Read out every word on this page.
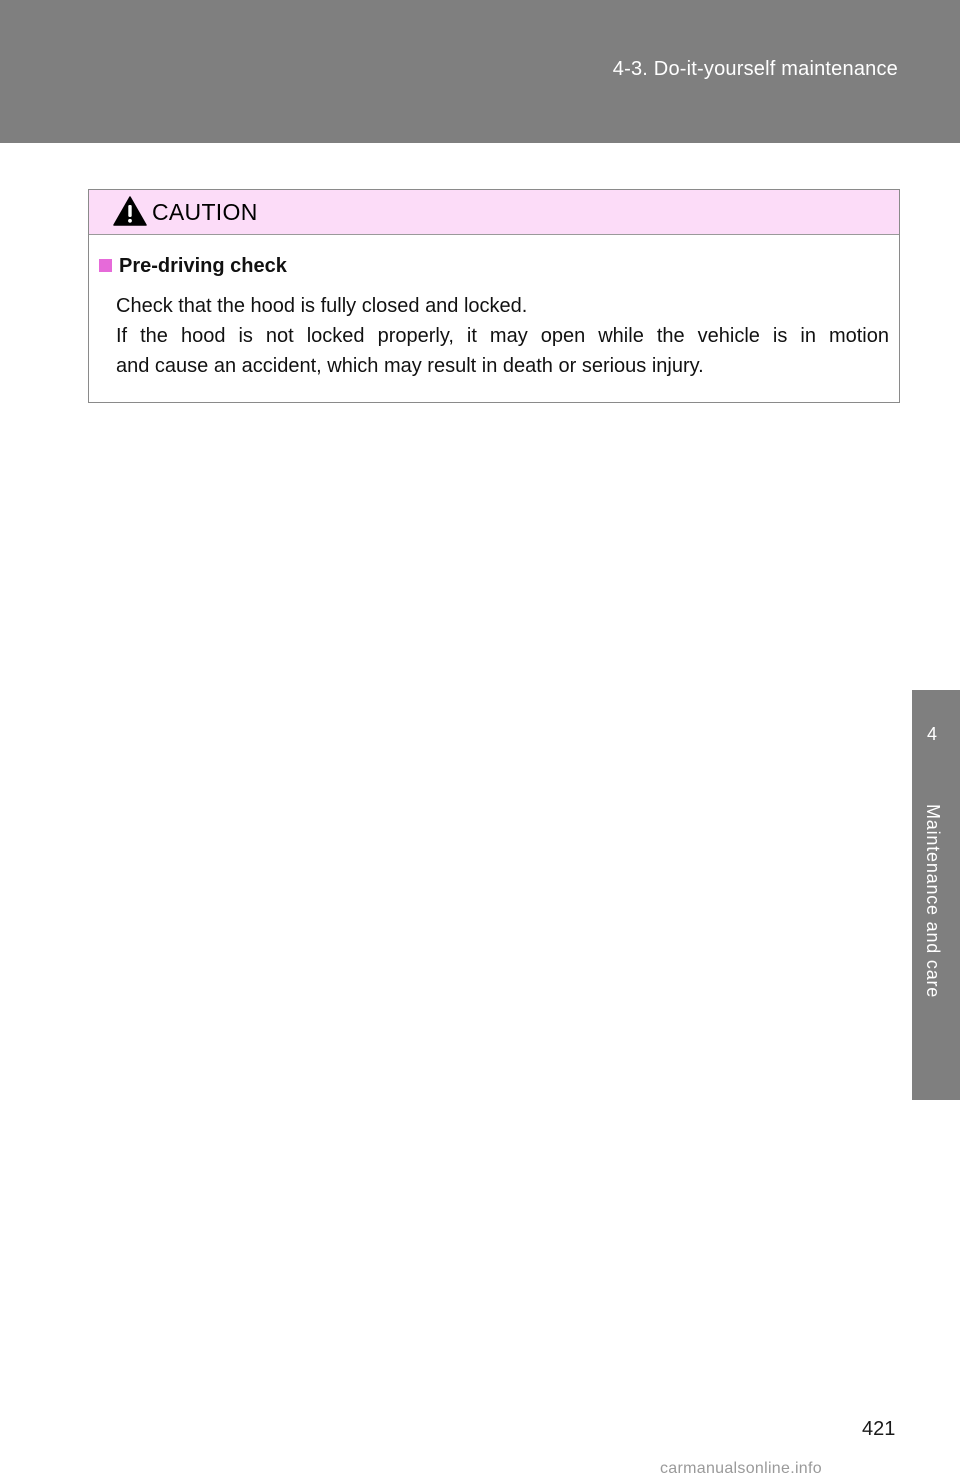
4-3. Do-it-yourself maintenance
4
Maintenance and care
CAUTION
Pre-driving check

Check that the hood is fully closed and locked.

If the hood is not locked properly, it may open while the vehicle is in motion

and cause an accident, which may result in death or serious injury.

421
carmanualsonline.info
